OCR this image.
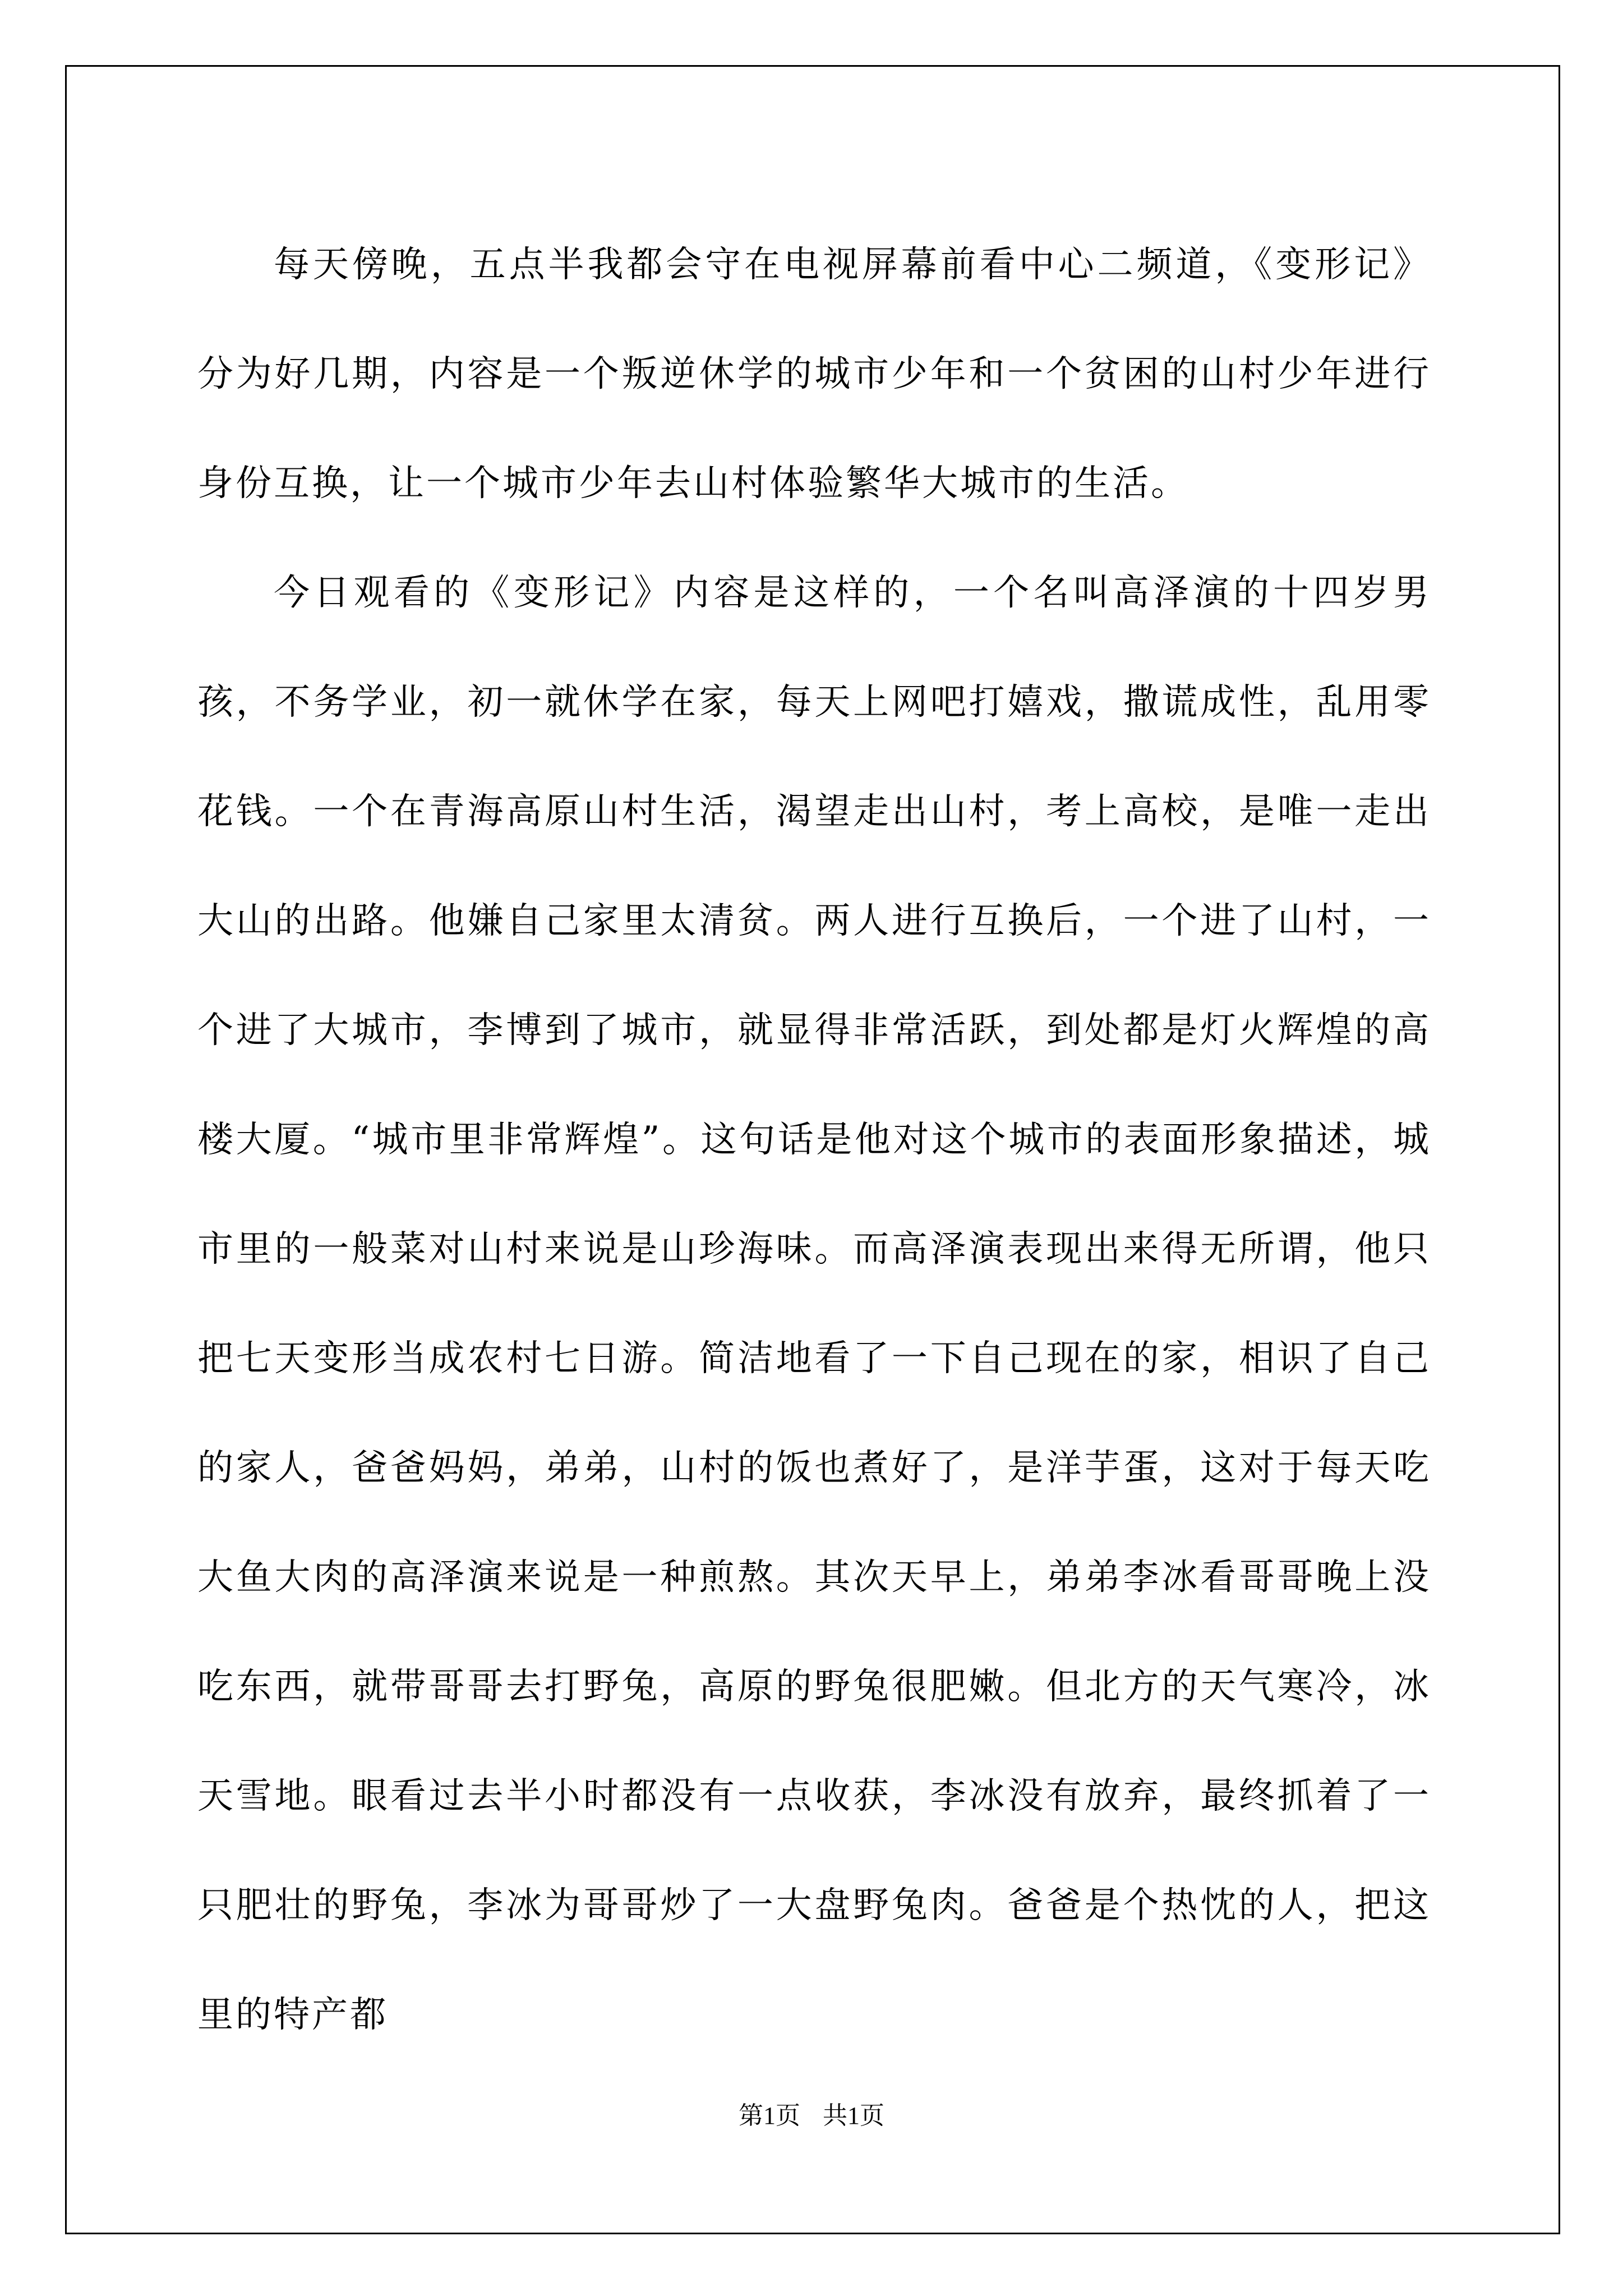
每天傍晚，五点半我都会守在电视屏幕前看中心二频道，《变形记》分为好几期，内容是一个叛逆休学的城市少年和一个贫困的山村少年进行身份互换，让一个城市少年去山村体验繁华大城市的生活。

今日观看的《变形记》内容是这样的，一个名叫高泽演的十四岁男孩，不务学业，初一就休学在家，每天上网吧打嬉戏，撒谎成性，乱用零花钱。一个在青海高原山村生活，渴望走出山村，考上高校，是唯一走出大山的出路。他嫌自己家里太清贫。两人进行互换后，一个进了山村，一个进了大城市，李博到了城市，就显得非常活跃，到处都是灯火辉煌的高楼大厦。“城市里非常辉煌”。这句话是他对这个城市的表面形象描述，城市里的一般菜对山村来说是山珍海味。而高泽演表现出来得无所谓，他只把七天变形当成农村七日游。简洁地看了一下自己现在的家，相识了自己的家人，爸爸妈妈，弟弟，山村的饭也煮好了，是洋芋蛋，这对于每天吃大鱼大肉的高泽演来说是一种煎熬。其次天早上，弟弟李冰看哥哥晚上没吃东西，就带哥哥去打野兔，高原的野兔很肥嫩。但北方的天气寒冷，冰天雪地。眼看过去半小时都没有一点收获，李冰没有放弃，最终抓着了一只肥壮的野兔，李冰为哥哥炒了一大盘野兔肉。爸爸是个热忱的人，把这里的特产都

第1页 共1页
